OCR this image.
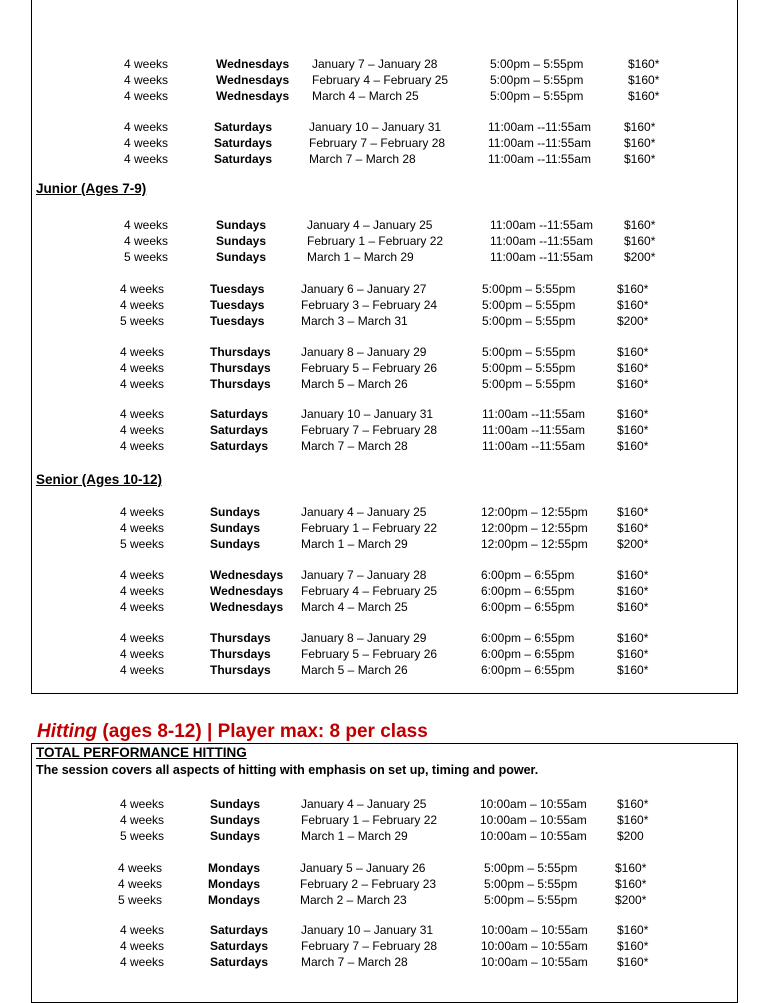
Junior (Ages 7-9)
Senior (Ages 10-12)
Hitting (ages 8-12) | Player max: 8 per class
TOTAL PERFORMANCE HITTING
The session covers all aspects of hitting with emphasis on set up, timing and power.
4 weeks	Wednesdays January 7 – January 28	5:00pm – 5:55pm	$160*
4 weeks	Wednesdays February 4 – February 25	5:00pm – 5:55pm	$160*
4 weeks	Wednesdays March 4 – March 25	5:00pm – 5:55pm	$160*
4 weeks	Saturdays	January 10 – January 31	11:00am --11:55am	$160*
4 weeks	Saturdays	February 7 – February 28	11:00am --11:55am	$160*
4 weeks	Saturdays	March 7 – March 28	11:00am --11:55am	$160*
4 weeks	Sundays	January 4 – January 25	11:00am --11:55am	$160*
4 weeks	Sundays	February 1 – February 22	11:00am --11:55am	$160*
5 weeks	Sundays	March 1 – March 29	11:00am --11:55am	$200*
4 weeks	Tuesdays	January 6 – January 27	5:00pm – 5:55pm	$160*
4 weeks	Tuesdays	February 3 – February 24	5:00pm – 5:55pm	$160*
5 weeks	Tuesdays	March 3 – March 31	5:00pm – 5:55pm	$200*
4 weeks	Thursdays	January 8 – January 29	5:00pm – 5:55pm	$160*
4 weeks	Thursdays	February 5 – February 26	5:00pm – 5:55pm	$160*
4 weeks	Thursdays	March 5 – March 26	5:00pm – 5:55pm	$160*
4 weeks	Saturdays	January 10 – January 31	11:00am --11:55am	$160*
4 weeks	Saturdays	February 7 – February 28	11:00am --11:55am	$160*
4 weeks	Saturdays	March 7 – March 28	11:00am --11:55am	$160*
4 weeks	Sundays	January 4 – January 25	12:00pm – 12:55pm $160*
4 weeks	Sundays	February 1 – February 22	12:00pm – 12:55pm $160*
5 weeks	Sundays	March 1 – March 29	12:00pm – 12:55pm $200*
4 weeks	Wednesdays January 7 – January 28	6:00pm – 6:55pm	$160*
4 weeks	Wednesdays February 4 – February 25	6:00pm – 6:55pm	$160*
4 weeks	Wednesdays March 4 – March 25	6:00pm – 6:55pm	$160*
4 weeks	Thursdays	January 8 – January 29	6:00pm – 6:55pm	$160*
4 weeks	Thursdays	February 5 – February 26	6:00pm – 6:55pm	$160*
4 weeks	Thursdays	March 5 – March 26	6:00pm – 6:55pm	$160*
4 weeks	Sundays	January 4 – January 25	10:00am – 10:55am	$160*
4 weeks	Sundays	February 1 – February 22	10:00am – 10:55am	$160*
5 weeks	Sundays	March 1 – March 29	10:00am – 10:55am	$200
4 weeks	Mondays	January 5 – January 26	5:00pm – 5:55pm	$160*
4 weeks	Mondays	February 2 – February 23	5:00pm – 5:55pm	$160*
5 weeks	Mondays	March 2 – March 23	5:00pm – 5:55pm	$200*
4 weeks	Saturdays	January 10 – January 31	10:00am – 10:55am $160*
4 weeks	Saturdays	February 7 – February 28	10:00am – 10:55am $160*
4 weeks	Saturdays	March 7 – March 28	10:00am – 10:55am $160*
